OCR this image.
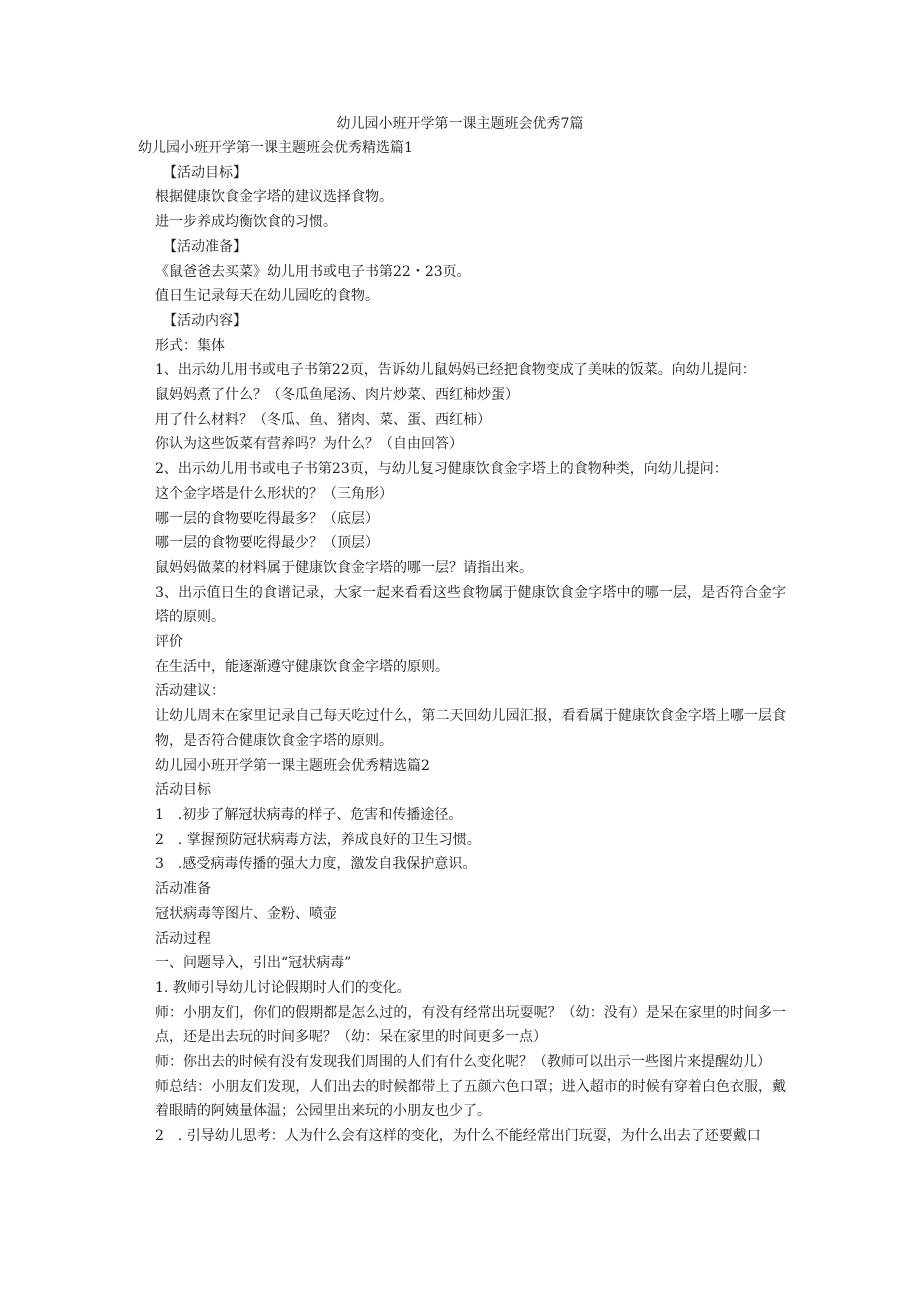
幼儿园小班开学第一课主题班会优秀7篇

幼儿园小班开学第一课主题班会优秀精选篇1

【活动目标】

根据健康饮食金字塔的建议选择食物。

进一步养成均衡饮食的习惯。

【活动准备】

《鼠爸爸去买菜》幼儿用书或电子书第22・23页。

值日生记录每天在幼儿园吃的食物。

【活动内容】

形式：集体

1、出示幼儿用书或电子书第22页，告诉幼儿鼠妈妈已经把食物变成了美味的饭菜。向幼儿提问：

鼠妈妈煮了什么？（冬瓜鱼尾汤、肉片炒菜、西红柿炒蛋）

用了什么材料？（冬瓜、鱼、猪肉、菜、蛋、西红柿）

你认为这些饭菜有营养吗？为什么？（自由回答）

2、出示幼儿用书或电子书第23页，与幼儿复习健康饮食金字塔上的食物种类，向幼儿提问：

这个金字塔是什么形状的？（三角形）

哪一层的食物要吃得最多？（底层）

哪一层的食物要吃得最少？（顶层）

鼠妈妈做菜的材料属于健康饮食金字塔的哪一层？请指出来。

3、出示值日生的食谱记录，大家一起来看看这些食物属于健康饮食金字塔中的哪一层，是否符合金字塔的原则。

评价

在生活中，能逐渐遵守健康饮食金字塔的原则。

活动建议：

让幼儿周末在家里记录自己每天吃过什么，第二天回幼儿园汇报，看看属于健康饮食金字塔上哪一层食物，是否符合健康饮食金字塔的原则。

幼儿园小班开学第一课主题班会优秀精选篇2

活动目标

1　.初步了解冠状病毒的样子、危害和传播途径。

2　. 掌握预防冠状病毒方法，养成良好的卫生习惯。

3　.感受病毒传播的强大力度，激发自我保护意识。

活动准备

冠状病毒等图片、金粉、喷壶

活动过程

一、问题导入，引出“冠状病毒”

1. 教师引导幼儿讨论假期时人们的变化。

师：小朋友们，你们的假期都是怎么过的，有没有经常出玩耍呢？（幼：没有）是呆在家里的时间多一点，还是出去玩的时间多呢？（幼：呆在家里的时间更多一点）

师：你出去的时候有没有发现我们周围的人们有什么变化呢？（教师可以出示一些图片来提醒幼儿）

师总结：小朋友们发现，人们出去的时候都带上了五颜六色口罩；进入超市的时候有穿着白色衣服，戴着眼睛的阿姨量体温；公园里出来玩的小朋友也少了。

2　. 引导幼儿思考：人为什么会有这样的变化，为什么不能经常出门玩耍，为什么出去了还要戴口
